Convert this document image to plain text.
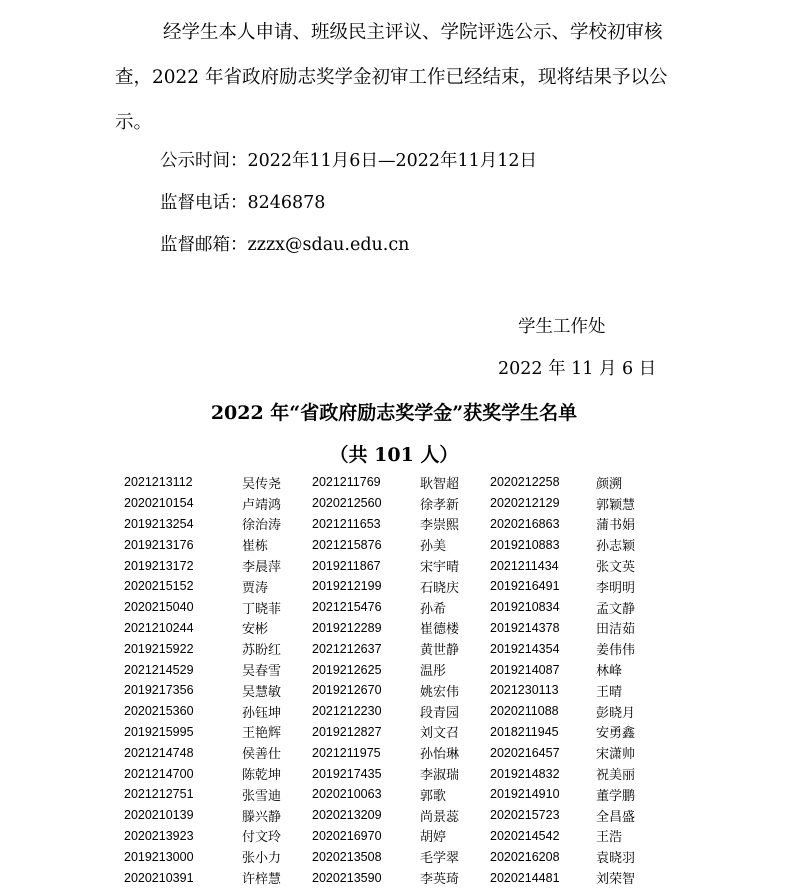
经学生本人申请、班级民主评议、学院评选公示、学校初审核查，2022 年省政府励志奖学金初审工作已经结束，现将结果予以公示。
公示时间：2022年11月6日—2022年11月12日
监督电话：8246878
监督邮箱：zzzx@sdau.edu.cn
学生工作处
2022 年 11 月 6 日
2022 年“省政府励志奖学金”获奖学生名单
（共 101 人）
2021213112	吴传尧	2021211769	耿智超	2020212258	颜溯
2020210154	卢靖鸿	2020212560	徐孝新	2020212129	郭颖慧
2019213254	徐治涛	2021211653	李崇熙	2020216863	蒲书娟
2019213176	崔栋	2021215876	孙美	2019210883	孙志颖
2019213172	李晨萍	2019211867	宋宇晴	2021211434	张文英
2020215152	贾涛	2019212199	石晓庆	2019216491	李明明
2020215040	丁晓菲	2021215476	孙希	2019210834	孟文静
2021210244	安彬	2019212289	崔德楼	2019214378	田洁茹
2019215922	苏盼红	2021212637	黄世静	2019214354	姜伟伟
2021214529	吴春雪	2019212625	温彤	2019214087	林峰
2019217356	吴慧敏	2019212670	姚宏伟	2021230113	王晴
2020215360	孙钰坤	2021212230	段青园	2020211088	彭晓月
2019215995	王艳辉	2019212827	刘文召	2018211945	安勇鑫
2021214748	侯善仕	2021211975	孙怡琳	2020216457	宋潇帅
2021214700	陈乾坤	2019217435	李淑瑞	2019214832	祝美丽
2021212751	张雪迪	2020210063	郭歌	2019214910	董学鹏
2020210139	滕兴静	2020213209	尚景蕊	2020215723	全昌盛
2020213923	付文玲	2020216970	胡婷	2020214542	王浩
2019213000	张小力	2020213508	毛学翠	2020216208	袁晓羽
2020210391	许梓慧	2020213590	李英琦	2020214481	刘荣智
